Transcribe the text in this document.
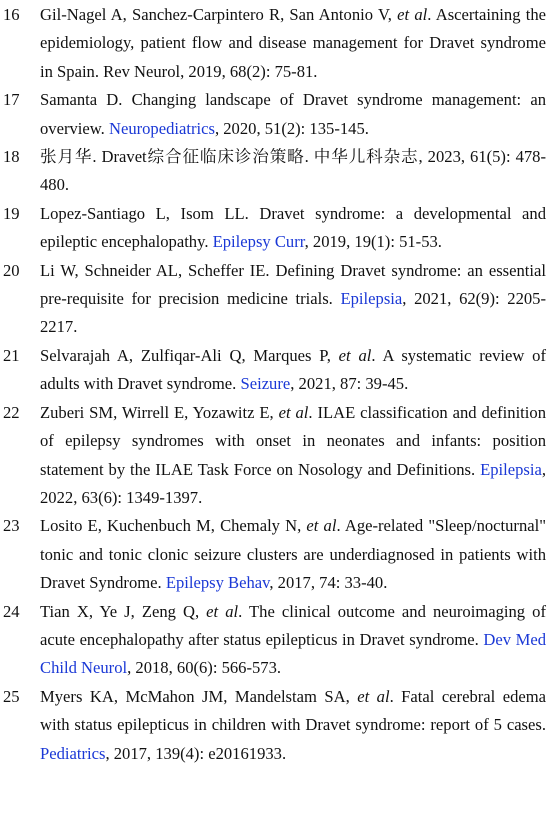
16	Gil-Nagel A, Sanchez-Carpintero R, San Antonio V, et al. Ascertaining the epidemiology, patient flow and disease management for Dravet syndrome in Spain. Rev Neurol, 2019, 68(2): 75-81.
17	Samanta D. Changing landscape of Dravet syndrome management: an overview. Neuropediatrics, 2020, 51(2): 135-145.
18	张月华. Dravet综合征临床诊治策略. 中华儿科杂志, 2023, 61(5): 478-480.
19	Lopez-Santiago L, Isom LL. Dravet syndrome: a developmental and epileptic encephalopathy. Epilepsy Curr, 2019, 19(1): 51-53.
20	Li W, Schneider AL, Scheffer IE. Defining Dravet syndrome: an essential pre-requisite for precision medicine trials. Epilepsia, 2021, 62(9): 2205-2217.
21	Selvarajah A, Zulfiqar-Ali Q, Marques P, et al. A systematic review of adults with Dravet syndrome. Seizure, 2021, 87: 39-45.
22	Zuberi SM, Wirrell E, Yozawitz E, et al. ILAE classification and definition of epilepsy syndromes with onset in neonates and infants: position statement by the ILAE Task Force on Nosology and Definitions. Epilepsia, 2022, 63(6): 1349-1397.
23	Losito E, Kuchenbuch M, Chemaly N, et al. Age-related "Sleep/nocturnal" tonic and tonic clonic seizure clusters are underdiagnosed in patients with Dravet Syndrome. Epilepsy Behav, 2017, 74: 33-40.
24	Tian X, Ye J, Zeng Q, et al. The clinical outcome and neuroimaging of acute encephalopathy after status epilepticus in Dravet syndrome. Dev Med Child Neurol, 2018, 60(6): 566-573.
25	Myers KA, McMahon JM, Mandelstam SA, et al. Fatal cerebral edema with status epilepticus in children with Dravet syndrome: report of 5 cases. Pediatrics, 2017, 139(4): e20161933.
